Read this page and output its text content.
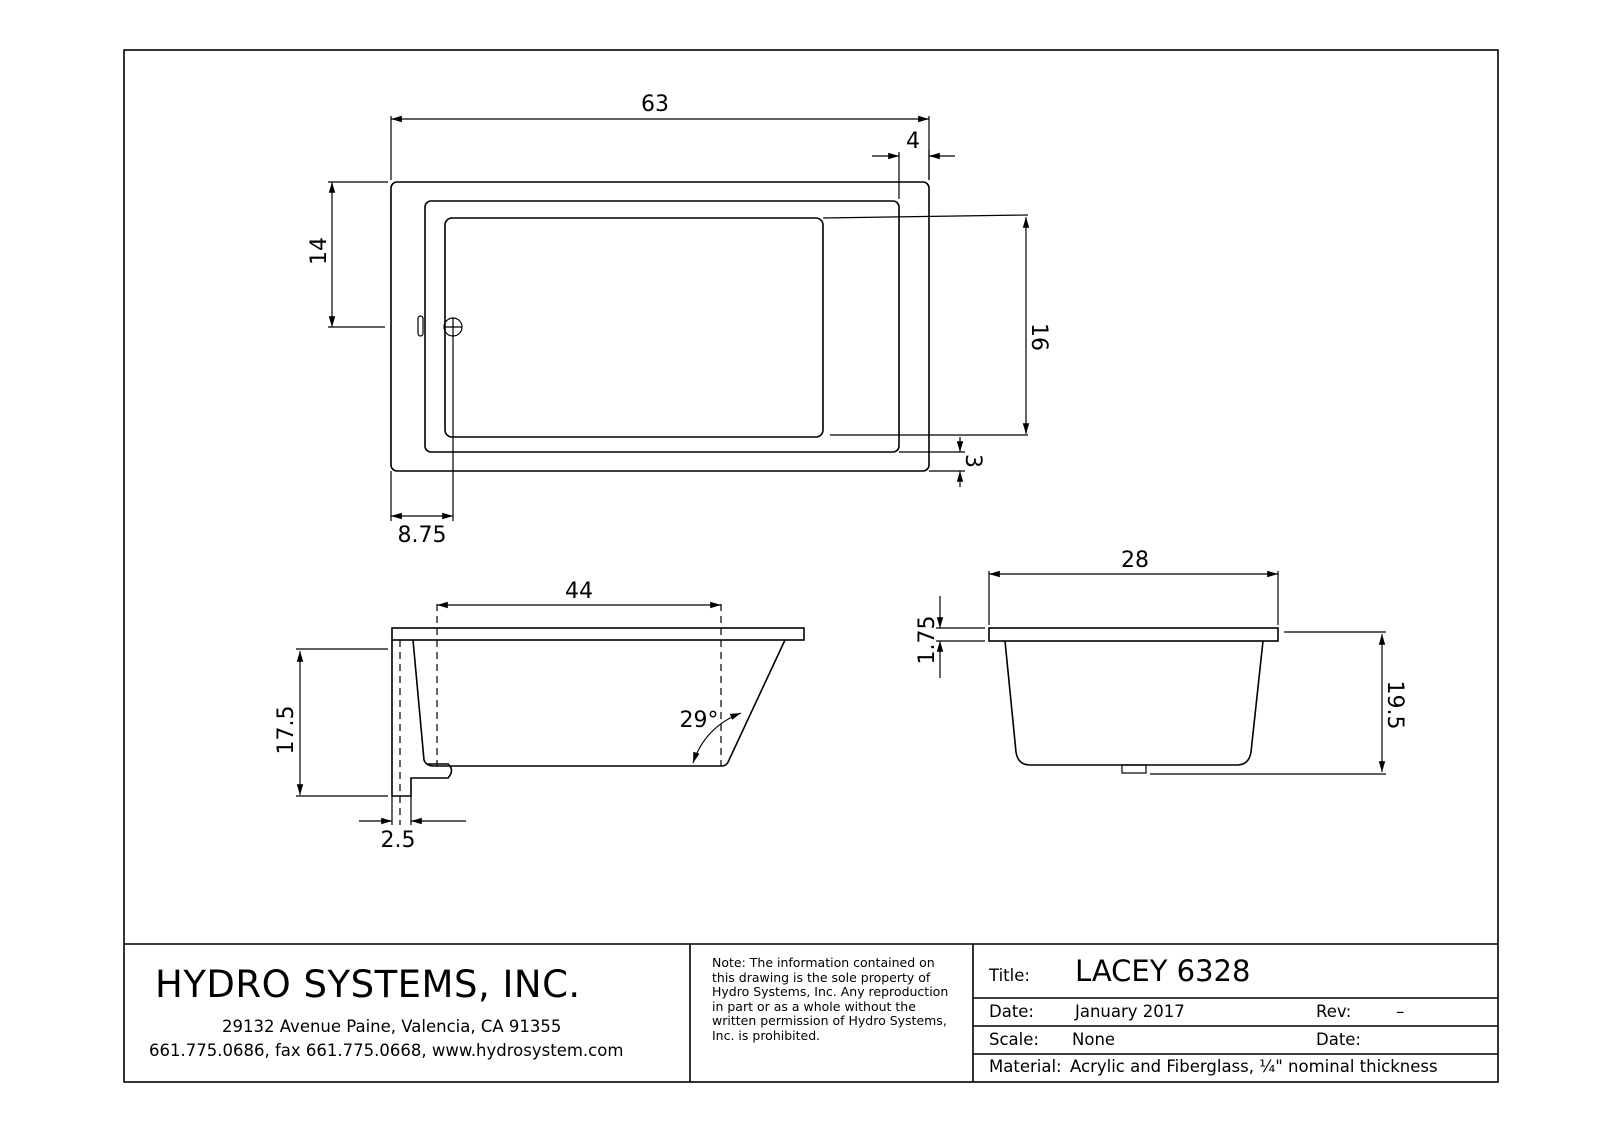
63
4
14
16
3
8.75
44
17.5
2.5
29°
28
1.75
19.5
HYDRO SYSTEMS, INC.
29132 Avenue Paine, Valencia, CA 91355
661.775.0686, fax 661.775.0668, www.hydrosystem.com
Note: The information contained on this drawing is the sole property of Hydro Systems, Inc. Any reproduction in part or as a whole without the written permission of Hydro Systems, Inc. is prohibited.
Title: LACEY 6328
Date: January 2017	Rev:	–
Scale: None	Date:
Material: Acrylic and Fiberglass, ¼" nominal thickness
